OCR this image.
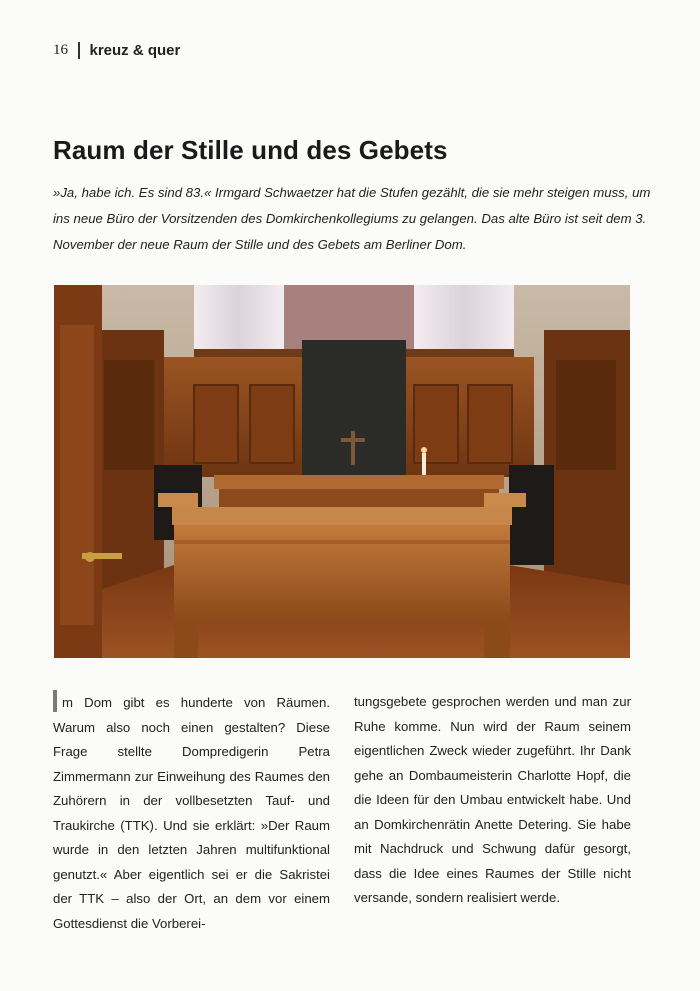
16 kreuz & quer
Raum der Stille und des Gebets
»Ja, habe ich. Es sind 83.« Irmgard Schwaetzer hat die Stufen gezählt, die sie mehr steigen muss, um ins neue Büro der Vorsitzenden des Domkirchenkollegiums zu gelangen. Das alte Büro ist seit dem 3. November der neue Raum der Stille und des Gebets am Berliner Dom.

m Dom gibt es hunderte von Räumen. Warum also noch einen gestalten? Diese Frage stellte Dompredigerin Petra Zimmermann zur Einweihung des Raumes den Zuhörern in der vollbesetzten Tauf- und Traukirche (TTK). Und sie erklärt: »Der Raum wurde in den letzten Jahren multifunktional genutzt.« Aber eigentlich sei er die Sakristei der TTK – also der Ort, an dem vor einem Gottesdienst die Vorberei-

tungsgebete gesprochen werden und man zur Ruhe komme. Nun wird der Raum seinem eigentlichen Zweck wieder zugeführt. Ihr Dank gehe an Dombaumeisterin Charlotte Hopf, die die Ideen für den Umbau entwickelt habe. Und an Domkirchenrätin Anette Detering. Sie habe mit Nachdruck und Schwung dafür gesorgt, dass die Idee eines Raumes der Stille nicht versande, sondern realisiert werde.
